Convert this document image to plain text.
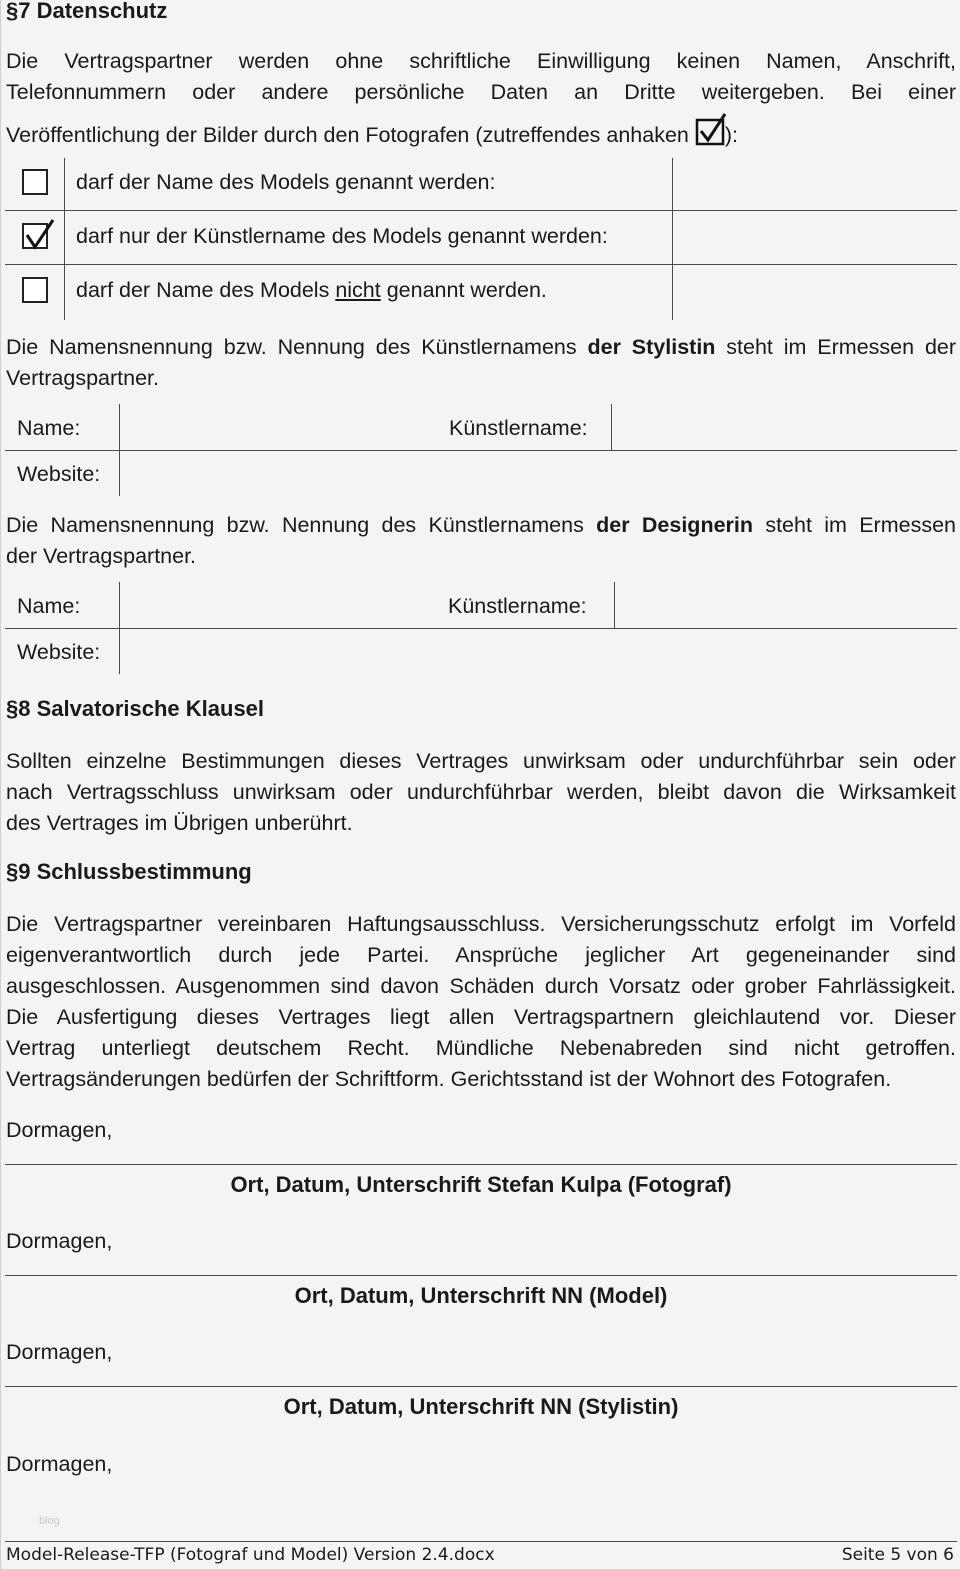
§7 Datenschutz
Die Vertragspartner werden ohne schriftliche Einwilligung keinen Namen, Anschrift,
Telefonnummern oder andere persönliche Daten an Dritte weitergeben. Bei einer
Veröffentlichung der Bilder durch den Fotografen (zutreffendes anhaken ):
darf der Name des Models genannt werden:
darf nur der Künstlername des Models genannt werden:
darf der Name des Models nicht genannt werden.
Die Namensnennung bzw. Nennung des Künstlernamens der Stylistin steht im Ermessen der
Vertragspartner.
Name:	Künstlername:
Website:
Die Namensnennung bzw. Nennung des Künstlernamens der Designerin steht im Ermessen
der Vertragspartner.
Name:	Künstlername:
Website:
§8 Salvatorische Klausel
Sollten einzelne Bestimmungen dieses Vertrages unwirksam oder undurchführbar sein oder
nach Vertragsschluss unwirksam oder undurchführbar werden, bleibt davon die Wirksamkeit
des Vertrages im Übrigen unberührt.
§9 Schlussbestimmung
Die Vertragspartner vereinbaren Haftungsausschluss. Versicherungsschutz erfolgt im Vorfeld
eigenverantwortlich durch jede Partei. Ansprüche jeglicher Art gegeneinander sind
ausgeschlossen. Ausgenommen sind davon Schäden durch Vorsatz oder grober Fahrlässigkeit.
Die Ausfertigung dieses Vertrages liegt allen Vertragspartnern gleichlautend vor. Dieser
Vertrag unterliegt deutschem Recht. Mündliche Nebenabreden sind nicht getroffen.
Vertragsänderungen bedürfen der Schriftform. Gerichtsstand ist der Wohnort des Fotografen.
Dormagen,
Ort, Datum, Unterschrift Stefan Kulpa (Fotograf)
Dormagen,
Ort, Datum, Unterschrift NN (Model)
Dormagen,
Ort, Datum, Unterschrift NN (Stylistin)
Dormagen,
blog
Model-Release-TFP (Fotograf und Model) Version 2.4.docx	Seite 5 von 6
